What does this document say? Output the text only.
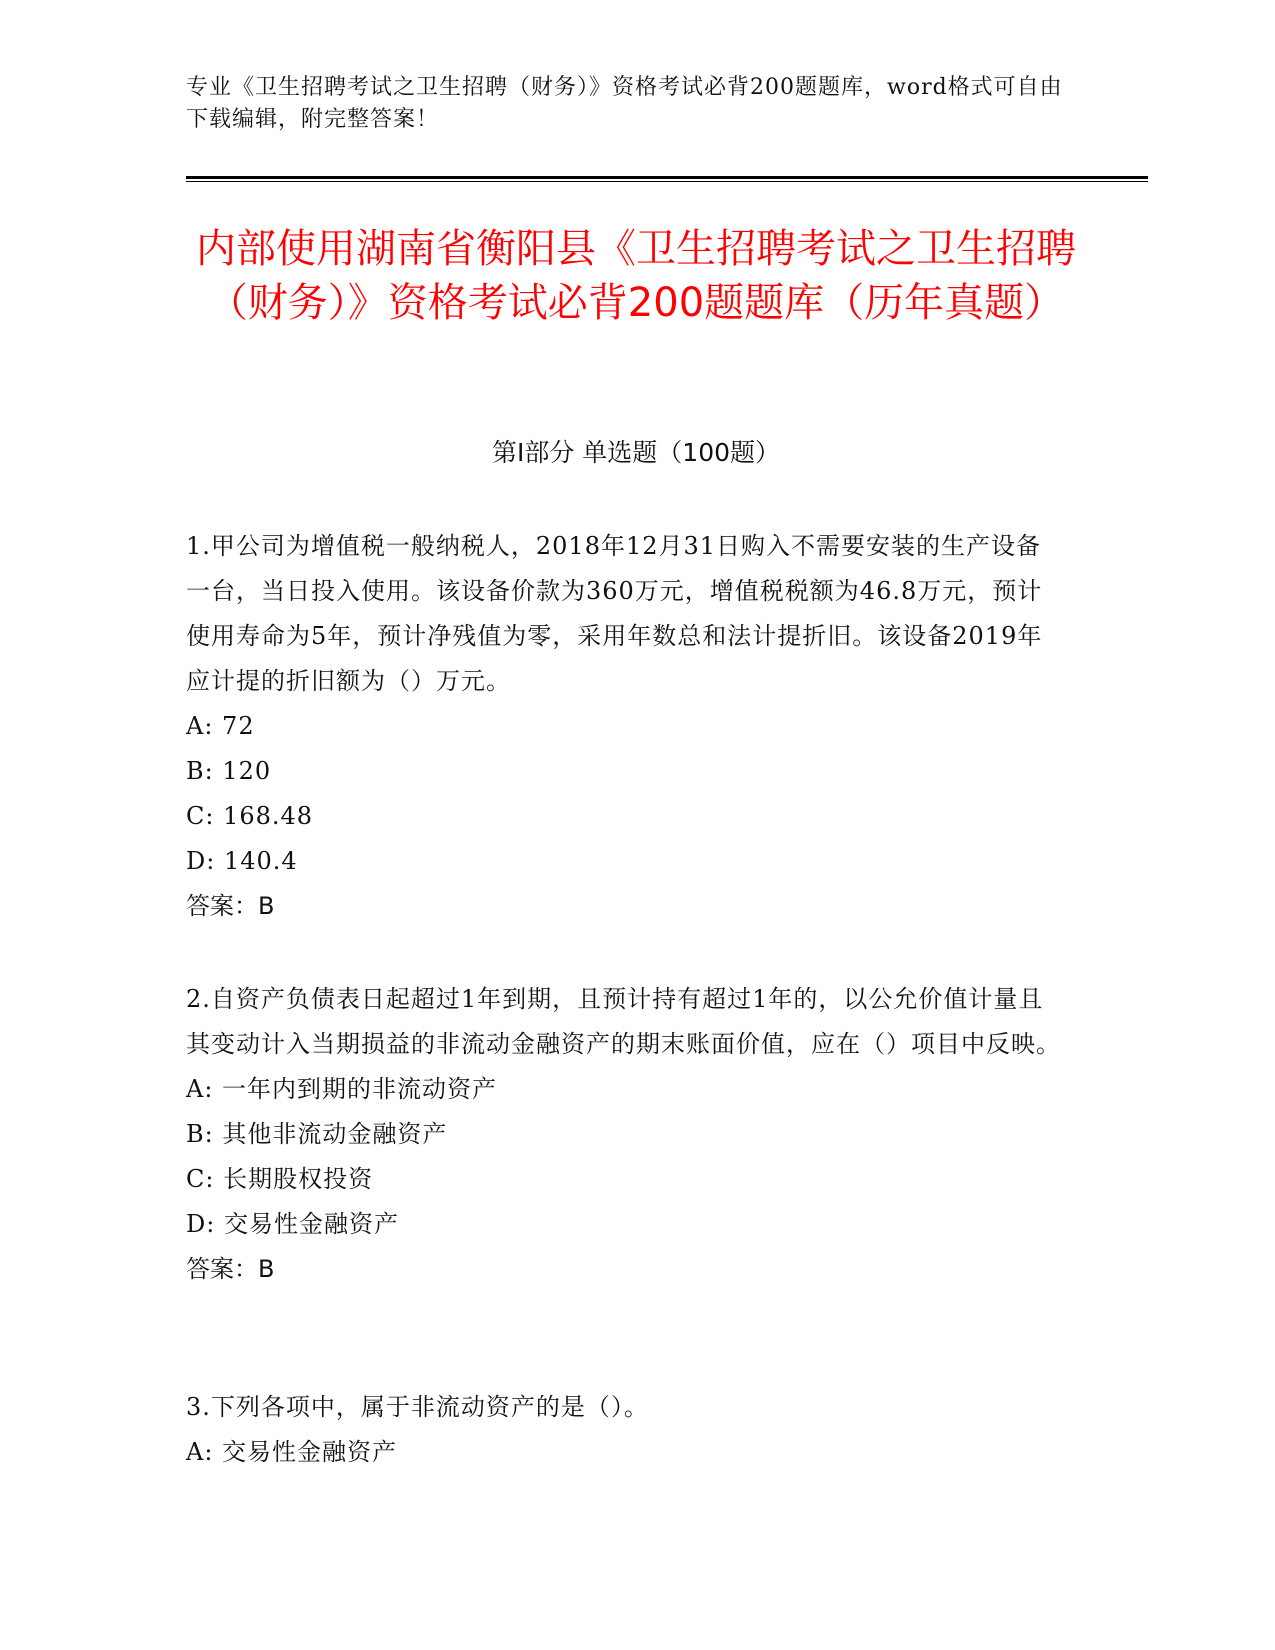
专业《卫生招聘考试之卫生招聘（财务）》资格考试必背200题题库，word格式可自由下载编辑，附完整答案！
内部使用湖南省衡阳县《卫生招聘考试之卫生招聘（财务）》资格考试必背200题题库（历年真题）
第I部分 单选题（100题）
1.甲公司为增值税一般纳税人，2018年12月31日购入不需要安装的生产设备一台，当日投入使用。该设备价款为360万元，增值税税额为46.8万元，预计使用寿命为5年，预计净残值为零，采用年数总和法计提折旧。该设备2019年应计提的折旧额为（）万元。
A: 72
B: 120
C: 168.48
D: 140.4
答案：B
2.自资产负债表日起超过1年到期，且预计持有超过1年的，以公允价值计量且其变动计入当期损益的非流动金融资产的期末账面价值，应在（）项目中反映。
A: 一年内到期的非流动资产
B: 其他非流动金融资产
C: 长期股权投资
D: 交易性金融资产
答案：B
3.下列各项中，属于非流动资产的是（）。
A: 交易性金融资产
